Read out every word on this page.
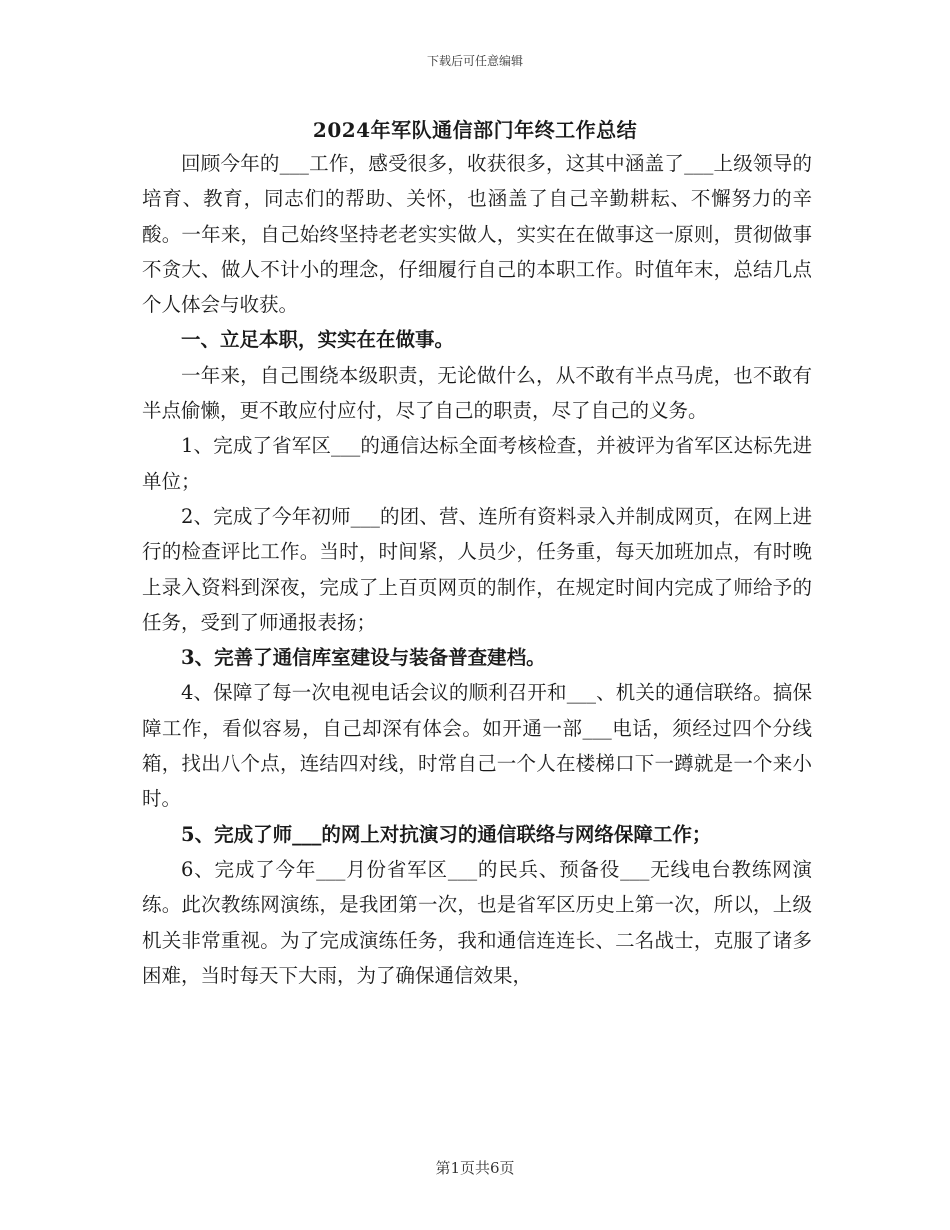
下载后可任意编辑
2024年军队通信部门年终工作总结

回顾今年的___工作，感受很多，收获很多，这其中涵盖了___上级领导的培育、教育，同志们的帮助、关怀，也涵盖了自己辛勤耕耘、不懈努力的辛酸。一年来，自己始终坚持老老实实做人，实实在在做事这一原则，贯彻做事不贪大、做人不计小的理念，仔细履行自己的本职工作。时值年末，总结几点个人体会与收获。

一、立足本职，实实在在做事。

一年来，自己围绕本级职责，无论做什么，从不敢有半点马虎，也不敢有半点偷懒，更不敢应付应付，尽了自己的职责，尽了自己的义务。

1、完成了省军区___的通信达标全面考核检查，并被评为省军区达标先进单位；

2、完成了今年初师___的团、营、连所有资料录入并制成网页，在网上进行的检查评比工作。当时，时间紧，人员少，任务重，每天加班加点，有时晚上录入资料到深夜，完成了上百页网页的制作，在规定时间内完成了师给予的任务，受到了师通报表扬；

3、完善了通信库室建设与装备普查建档。

4、保障了每一次电视电话会议的顺利召开和___、机关的通信联络。搞保障工作，看似容易，自己却深有体会。如开通一部___电话，须经过四个分线箱，找出八个点，连结四对线，时常自己一个人在楼梯口下一蹲就是一个来小时。

5、完成了师___的网上对抗演习的通信联络与网络保障工作；

6、完成了今年___月份省军区___的民兵、预备役___无线电台教练网演练。此次教练网演练，是我团第一次，也是省军区历史上第一次，所以，上级机关非常重视。为了完成演练任务，我和通信连连长、二名战士，克服了诸多困难，当时每天下大雨，为了确保通信效果，

第1页共6页
